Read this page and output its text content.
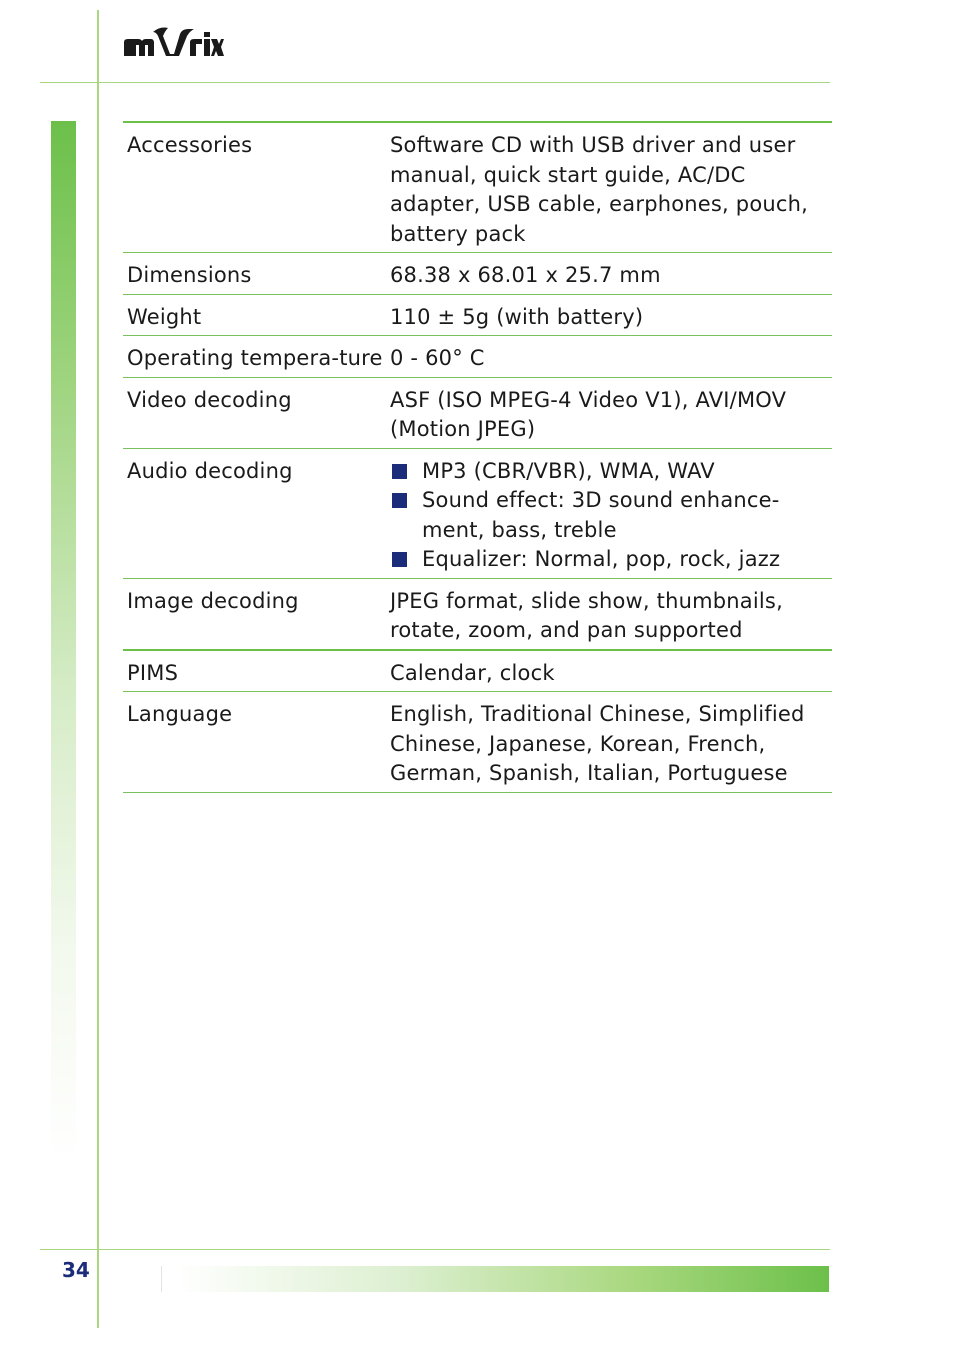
Accessories	Software CD with USB driver and user manual, quick start guide, AC/DC adapter, USB cable, earphones, pouch, battery pack
Dimensions	68.38 x 68.01 x 25.7 mm
Weight	110 ± 5g (with battery)
Operating tempera-ture 0 - 60° C
Video decoding	ASF (ISO MPEG-4 Video V1), AVI/MOV (Motion JPEG)
Audio decoding	MP3 (CBR/VBR), WMA, WAV
Sound effect: 3D sound enhance-ment, bass, treble
Equalizer: Normal, pop, rock, jazz
Image decoding	JPEG format, slide show, thumbnails, rotate, zoom, and pan supported
PIMS	Calendar, clock
Language	English, Traditional Chinese, Simplified Chinese, Japanese, Korean, French, German, Spanish, Italian, Portuguese
34
